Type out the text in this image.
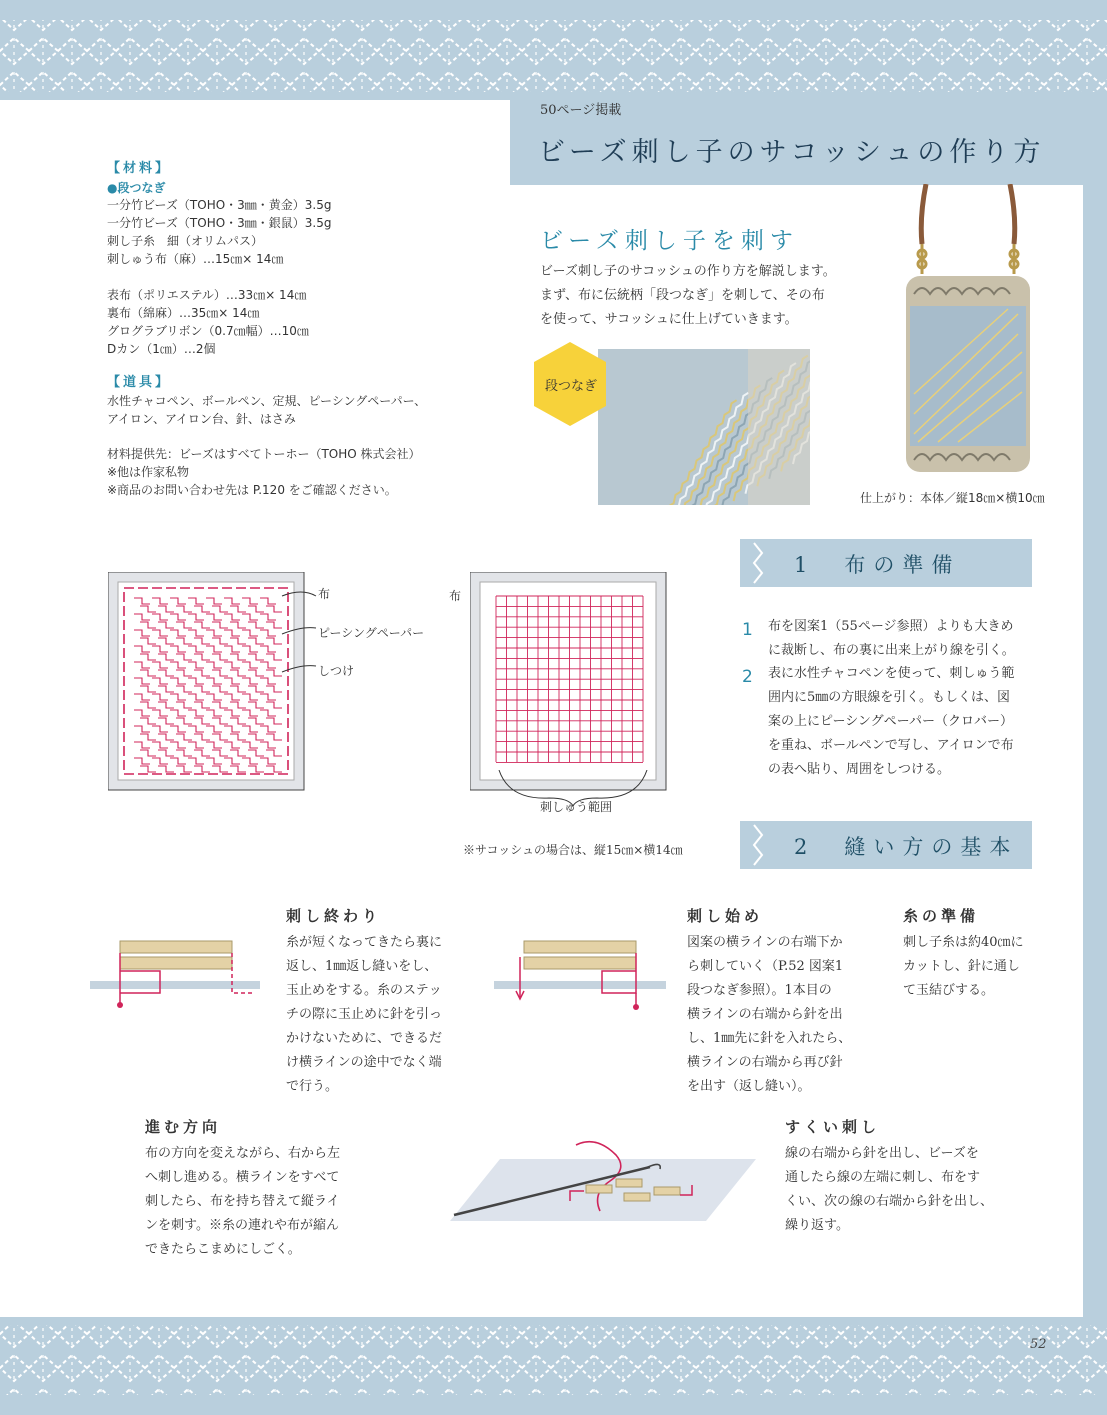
50ページ掲載
ビーズ刺し子のサコッシュの作り方
【材料】
●段つなぎ
一分竹ビーズ（TOHO・3㎜・黄金）3.5g
一分竹ビーズ（TOHO・3㎜・銀鼠）3.5g
刺し子糸　細（オリムパス）
刺しゅう布（麻）…15㎝× 14㎝
表布（ポリエステル）…33㎝× 14㎝
裏布（綿麻）…35㎝× 14㎝
グログラブリボン（0.7㎝幅）…10㎝
Dカン（1㎝）…2個
【道具】
水性チャコペン、ボールペン、定規、ピーシングペーパー、
アイロン、アイロン台、針、はさみ
材料提供先：ビーズはすべてトーホー（TOHO 株式会社）
※他は作家私物
※商品のお問い合わせ先は P.120 をご確認ください。
ビーズ刺し子を刺す
ビーズ刺し子のサコッシュの作り方を解説します。
まず、布に伝統柄「段つなぎ」を刺して、その布
を使って、サコッシュに仕上げていきます。
段つなぎ
仕上がり：本体／縦18㎝×横10㎝
1　布の準備
1 布を図案1（55ページ参照）よりも大きめ
に裁断し、布の裏に出来上がり線を引く。
2 表に水性チャコペンを使って、刺しゅう範
囲内に5㎜の方眼線を引く。もしくは、図
案の上にピーシングペーパー（クロバー）
を重ね、ボールペンで写し、アイロンで布
の表へ貼り、周囲をしつける。
布
ピーシングペーパー
しつけ
布
刺しゅう範囲
※サコッシュの場合は、縦15㎝×横14㎝	2　縫い方の基本
刺し終わり
糸が短くなってきたら裏に
返し、1㎜返し縫いをし、
玉止めをする。糸のステッ
チの際に玉止めに針を引っ
かけないために、できるだ
け横ラインの途中でなく端
で行う。
刺し始め
図案の横ラインの右端下か
ら刺していく（P.52 図案1
段つなぎ参照）。1本目の
横ラインの右端から針を出
し、1㎜先に針を入れたら、
横ラインの右端から再び針
を出す（返し縫い）。
糸の準備
刺し子糸は約40㎝に
カットし、針に通し
て玉結びする。
進む方向
布の方向を変えながら、右から左
へ刺し進める。横ラインをすべて
刺したら、布を持ち替えて縦ライ
ンを刺す。※糸の連れや布が縮ん
できたらこまめにしごく。
すくい刺し
線の右端から針を出し、ビーズを
通したら線の左端に刺し、布をす
くい、次の線の右端から針を出し、
繰り返す。
52
